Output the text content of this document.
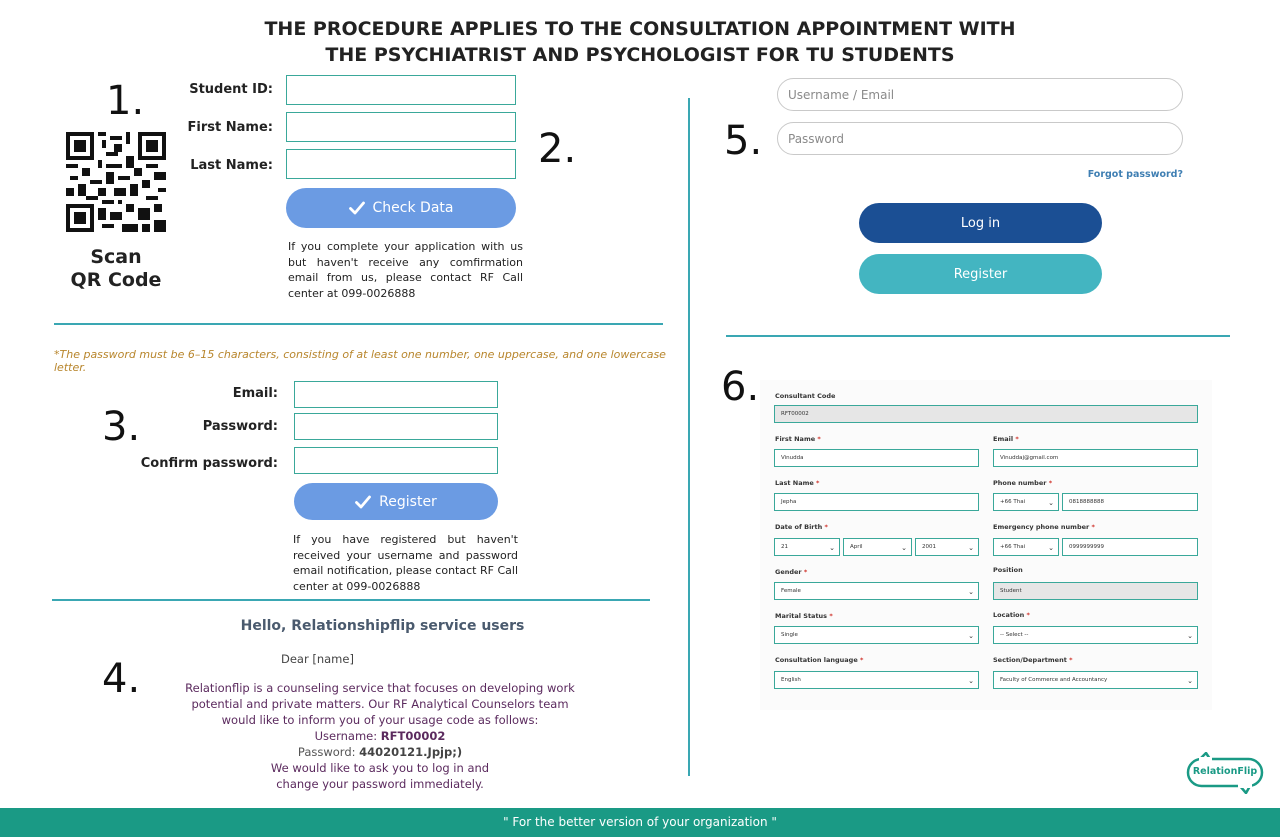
THE PROCEDURE APPLIES TO THE CONSULTATION APPOINTMENT WITH
THE PSYCHIATRIST AND PSYCHOLOGIST FOR TU STUDENTS
1.
Scan
QR Code
Student ID:
First Name:
Last Name:	2.
Check Data
If you complete your application with us but haven't receive any comfirmation email from us, please contact RF Call center at 099-0026888
*The password must be 6–15 characters, consisting of at least one number, one uppercase, and one lowercase letter.
3.
Email:
Password:
Confirm password:
Register
If you have registered but haven't received your username and password email notification, please contact RF Call center at 099-0026888
Hello, Relationshipflip service users
Dear [name]
4.	Relationflip is a counseling service that focuses on developing work
potential and private matters. Our RF Analytical Counselors team
would like to inform you of your usage code as follows:
Username: RFT00002
Password: 44020121.Jpjp;)
We would like to ask you to log in and
change your password immediately.
5.
Username / Email
Password
Forgot password?
Log in
Register
6. Consultant Code
RFT00002
First Name *
Vinudda
Email *
Vinuddaj@gmail.com
Last Name *
Jepha
Phone number *
+66 Thai	⌄	0818888888
Date of Birth *
21	⌄	April	⌄	2001	⌄
Emergency phone number *
+66 Thai	⌄	0999999999
Gender *
Female	⌄
Position
Student
Marital Status *
Single	⌄
Location *
-- Select --	⌄
Consultation language *
English	⌄
Section/Department *
Faculty of Commerce and Accountancy	⌄
RelationFlip
" For the better version of your organization "
